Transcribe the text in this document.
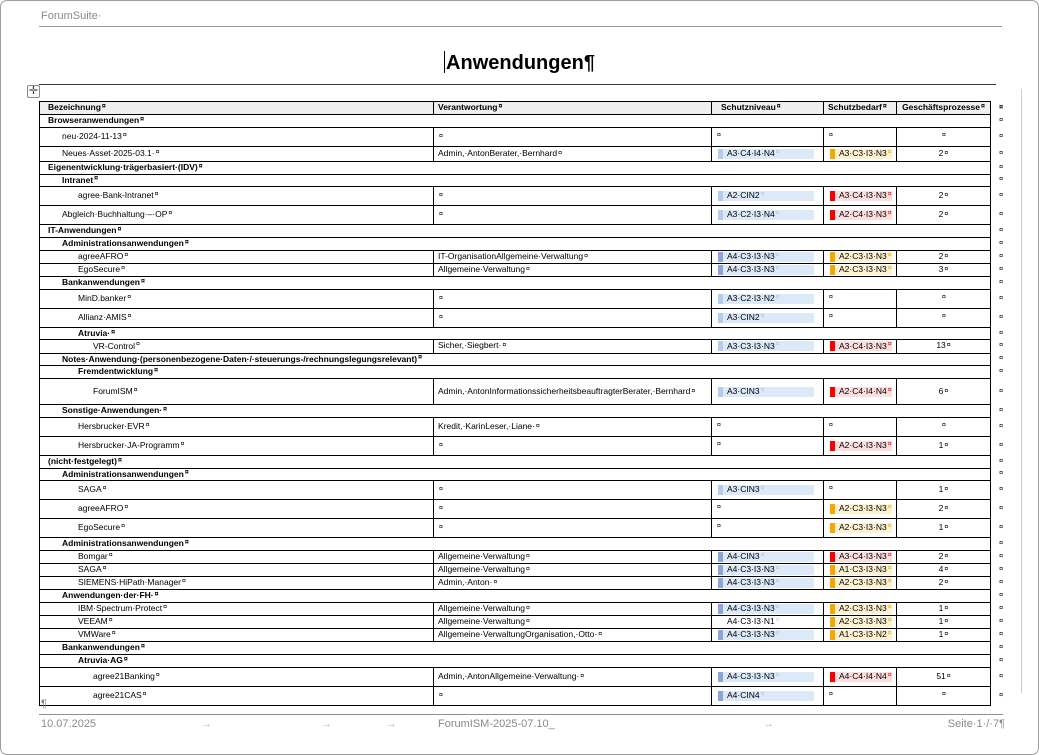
ForumSuite·
Anwendungen¶
✛
Bezeichnung ¤	Verantwortung ¤	Schutzniveau ¤	Schutzbedarf ¤ Geschäftsprozesse ¤ ¤
Browseranwendungen ¤	¤
neu·2024-11-13 ¤	¤	¤	¤	¤	¤
Neues·Asset·2025-03.1· ¤	Admin,·AntonBerater,·Bernhard¤	A3·C4·I4·N4 ¤	A3·C3·I3·N3 ¤	2¤	¤
Eigenentwicklung·trägerbasiert·(IDV) ¤	¤
Intranet ¤	¤
agree·Bank-Intranet ¤	¤	A2·CIN2 ¤	A3·C4·I3·N3 ¤	2¤	¤
Abgleich·Buchhaltung·–·OP ¤	¤	A3·C2·I3·N4 ¤	A2·C4·I3·N3 ¤	2¤	¤
IT-Anwendungen ¤	¤
Administrationsanwendungen ¤	¤
agreeAFRO ¤	IT-OrganisationAllgemeine·Verwaltung¤	A4·C3·I3·N3 ¤	A2·C3·I3·N3 ¤	2¤	¤
EgoSecure ¤	Allgemeine·Verwaltung¤	A4·C3·I3·N3 ¤	A2·C3·I3·N3 ¤	3¤	¤
Bankanwendungen ¤	¤
MinD.banker ¤	¤	A3·C2·I3·N2 ¤	¤	¤	¤
Allianz·AMIS ¤	¤	A3·CIN2 ¤	¤	¤	¤
Atruvia· ¤	¤
VR-Control ¤	Sicher,·Siegbert·¤	A3·C3·I3·N3 ¤	A3·C4·I3·N3 ¤	13¤	¤
Notes·Anwendung·(personenbezogene·Daten·/·steuerungs-/rechnungslegungsrelevant) ¤	¤
Fremdentwicklung ¤	¤
ForumISM ¤	Admin,·AntonInformationssicherheitsbeauftragterBerater,·Bernhard¤	A3·CIN3 ¤	A2·C4·I4·N4 ¤	6¤	¤
Sonstige·Anwendungen· ¤	¤
Hersbrucker·EVR ¤	Kredit,·KarinLeser,·Liane·¤	¤	¤	¤	¤
Hersbrucker·JA-Programm ¤	¤	¤	A2·C4·I3·N3 ¤	1¤	¤
(nicht·festgelegt) ¤	¤
Administrationsanwendungen ¤	¤
SAGA ¤	¤	A3·CIN3 ¤	¤	1¤	¤
agreeAFRO ¤	¤	¤	A2·C3·I3·N3 ¤	2¤	¤
EgoSecure ¤	¤	¤	A2·C3·I3·N3 ¤	1¤	¤
Administrationsanwendungen ¤	¤
Bomgar ¤	Allgemeine·Verwaltung¤	A4·CIN3 ¤	A3·C4·I3·N3 ¤	2¤	¤
SAGA ¤	Allgemeine·Verwaltung¤	A4·C3·I3·N3 ¤	A1·C3·I3·N3 ¤	4¤	¤
SIEMENS·HiPath·Manager ¤	Admin,·Anton·¤	A4·C3·I3·N3 ¤	A2·C3·I3·N3 ¤	2¤	¤
Anwendungen·der·FH· ¤	¤
IBM·Spectrum·Protect ¤	Allgemeine·Verwaltung¤	A4·C3·I3·N3 ¤	A2·C3·I3·N3 ¤	1¤	¤
VEEAM ¤	Allgemeine·Verwaltung¤	A4·C3·I3·N1 ¤	A2·C3·I3·N3 ¤	1¤	¤
VMWare ¤	Allgemeine·VerwaltungOrganisation,·Otto·¤	A4·C3·I3·N3 ¤	A1·C3·I3·N2 ¤	1¤	¤
Bankanwendungen ¤	¤
Atruvia·AG ¤	¤
agree21Banking ¤	Admin,·AntonAllgemeine·Verwaltung·¤	A4·C3·I3·N3 ¤	A4·C4·I4·N4 ¤	51¤	¤
agree21CAS ¤	¤	A4·CIN4 ¤	¤	¤	¤
¶
10.07.2025	→	→	→	ForumISM-2025-07.10_	→	Seite·1·/·7¶
